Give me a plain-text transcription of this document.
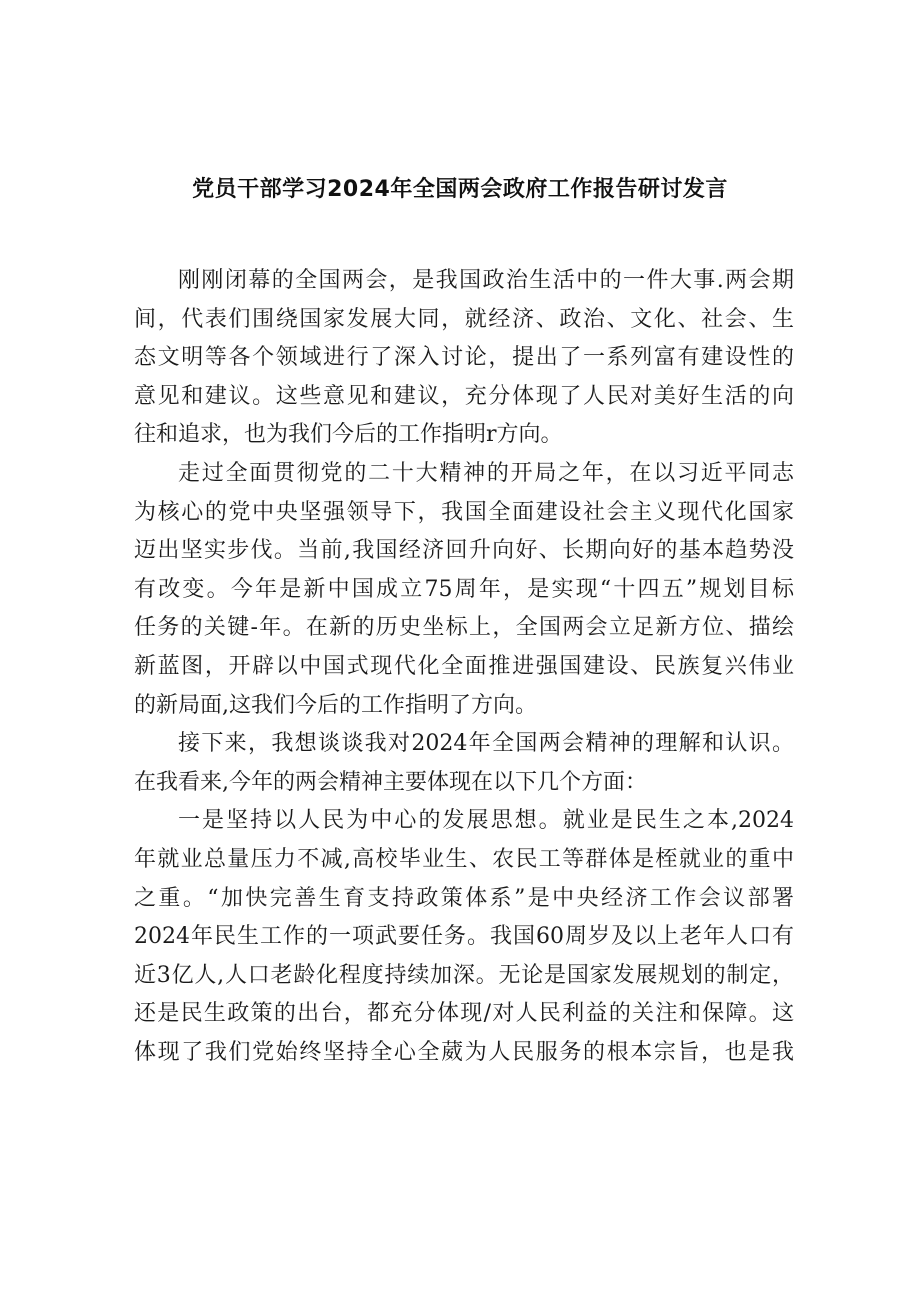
党员干部学习2024年全国两会政府工作报告研讨发言

刚刚闭幕的全国两会，是我国政治生活中的一件大事.两会期
间，代表们围绕国家发展大同，就经济、政治、文化、社会、生
态文明等各个领域进行了深入讨论，提出了一系列富有建设性的
意见和建议。这些意见和建议，充分体现了人民对美好生活的向
往和追求，也为我们今后的工作指明r方向。

走过全面贯彻党的二十大精神的开局之年，在以习近平同志
为核心的党中央坚强领导下，我国全面建设社会主义现代化国家
迈出坚实步伐。当前,我国经济回升向好、长期向好的基本趋势没
有改变。今年是新中国成立75周年，是实现“十四五”规划目标
任务的关键-年。在新的历史坐标上，全国两会立足新方位、描绘
新蓝图，开辟以中国式现代化全面推进强国建设、民族复兴伟业
的新局面,这我们今后的工作指明了方向。

接下来，我想谈谈我对2024年全国两会精神的理解和认识。
在我看来,今年的两会精神主要体现在以下几个方面：

一是坚持以人民为中心的发展思想。就业是民生之本,2024
年就业总量压力不减,高校毕业生、农民工等群体是桎就业的重中
之重。“加快完善生育支持政策体系”是中央经济工作会议部署
2024年民生工作的一项武要任务。我国60周岁及以上老年人口有
近3亿人,人口老龄化程度持续加深。无论是国家发展规划的制定，
还是民生政策的出台，都充分体现/对人民利益的关注和保障。这
体现了我们党始终坚持全心全葳为人民服务的根本宗旨，也是我
